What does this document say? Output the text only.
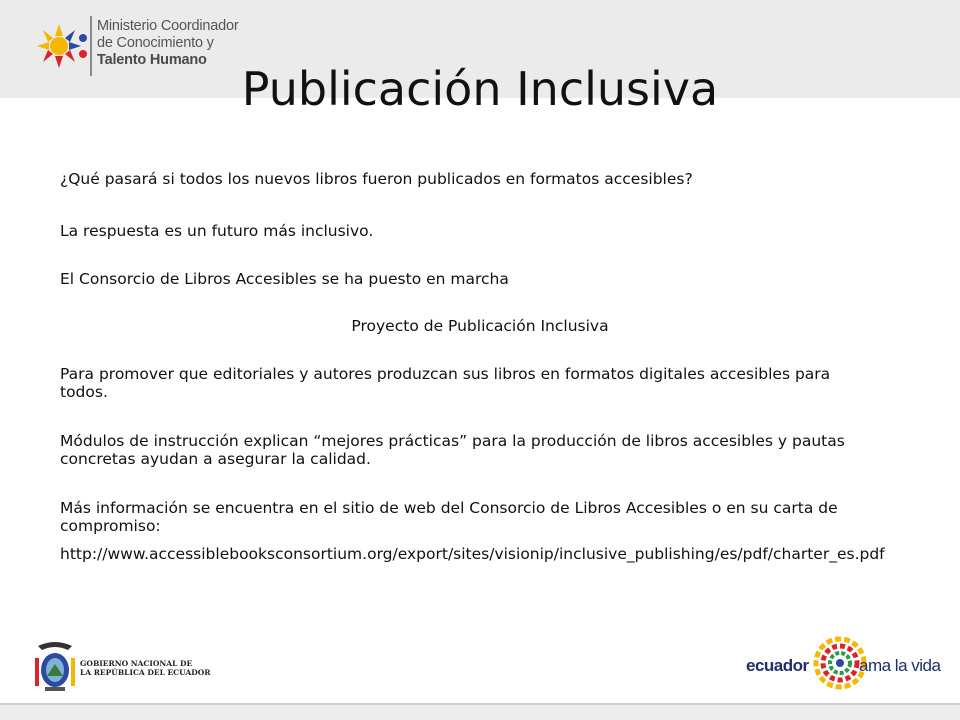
Ministerio Coordinador
de Conocimiento y
Talento Humano
Publicación Inclusiva

¿Qué pasará si todos los nuevos libros fueron publicados en formatos accesibles?

La respuesta es un futuro más inclusivo.

El Consorcio de Libros Accesibles se ha puesto en marcha

Proyecto de Publicación Inclusiva

Para promover que editoriales y autores produzcan sus libros en formatos digitales accesibles para todos.

Módulos de instrucción explican “mejores prácticas” para la producción de libros accesibles y pautas concretas ayudan a asegurar la calidad.

Más información se encuentra en el sitio de web del Consorcio de Libros Accesibles o en su carta de compromiso:

http://www.accessiblebooksconsortium.org/export/sites/visionip/inclusive_publishing/es/pdf/charter_es.pdf

GOBIERNO NACIONAL DE
LA REPÚBLICA DEL ECUADOR	ecuador	ama la vida
